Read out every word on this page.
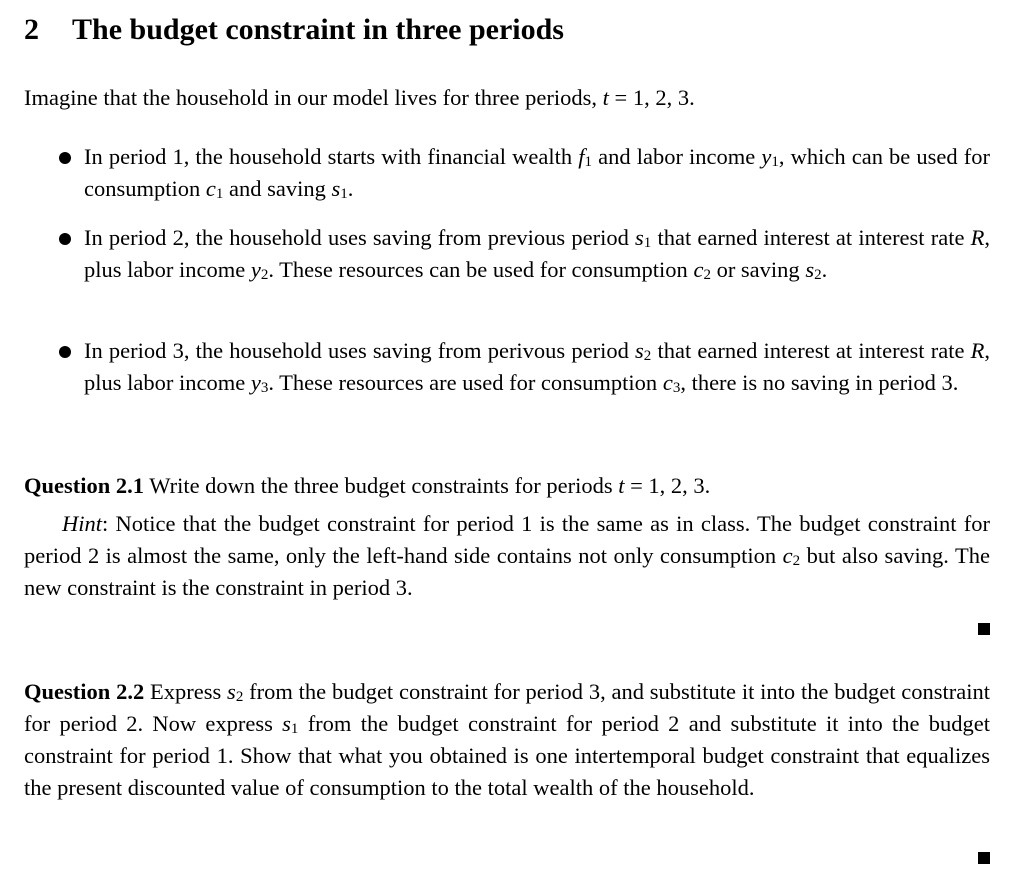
2 The budget constraint in three periods
Imagine that the household in our model lives for three periods, t = 1, 2, 3.
In period 1, the household starts with financial wealth $f_1$ and labor income $y_1$, which can be used for consumption $c_1$ and saving $s_1$.
In period 2, the household uses saving from previous period $s_1$ that earned interest at interest rate R, plus labor income $y_2$. These resources can be used for consumption $c_2$ or saving $s_2$.
In period 3, the household uses saving from perivous period $s_2$ that earned interest at interest rate R, plus labor income $y_3$. These resources are used for consumption $c_3$, there is no saving in period 3.
Question 2.1 Write down the three budget constraints for periods t = 1, 2, 3.
Hint: Notice that the budget constraint for period 1 is the same as in class. The budget constraint for period 2 is almost the same, only the left-hand side contains not only consumption $c_2$ but also saving. The new constraint is the constraint in period 3.
Question 2.2 Express $s_2$ from the budget constraint for period 3, and substitute it into the budget constraint for period 2. Now express $s_1$ from the budget constraint for period 2 and substitute it into the budget constraint for period 1. Show that what you obtained is one intertemporal budget constraint that equalizes the present discounted value of consumption to the total wealth of the household.
